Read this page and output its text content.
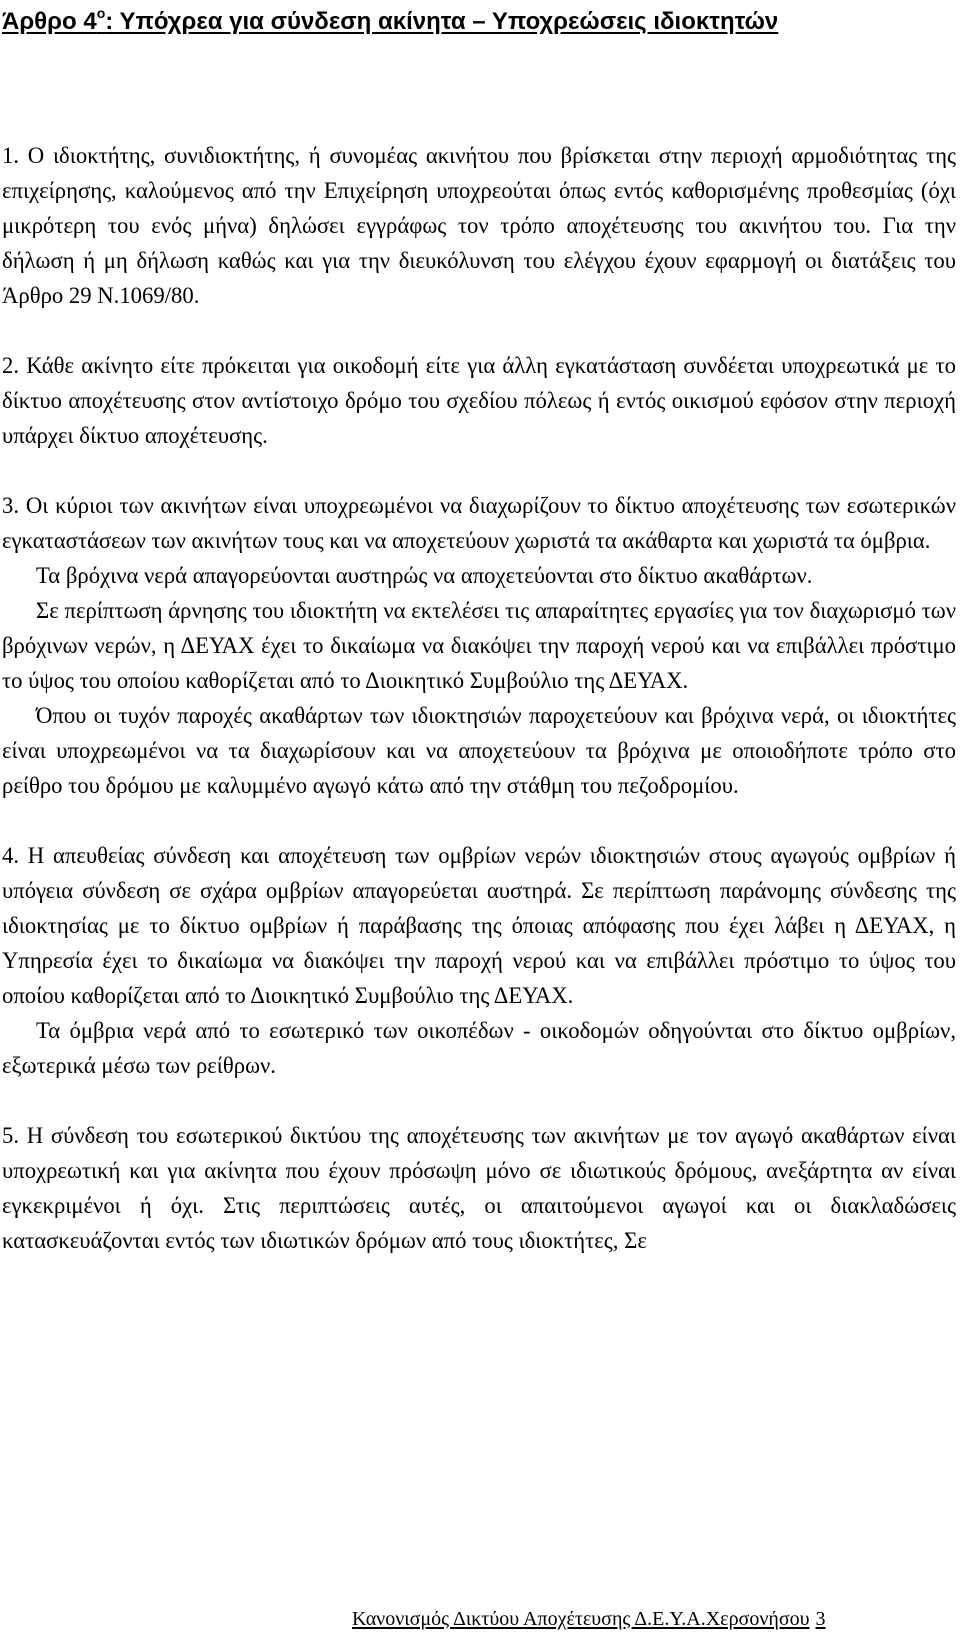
Άρθρο $4^o$: Υπόχρεα για σύνδεση ακίνητα – Υποχρεώσεις ιδιοκτητών

1. Ο ιδιοκτήτης, συνιδιοκτήτης, ή συνομέας ακινήτου που βρίσκεται στην περιοχή αρμοδιότητας της επιχείρησης, καλούμενος από την Επιχείρηση υποχρεούται όπως εντός καθορισμένης προθεσμίας (όχι μικρότερη του ενός μήνα) δηλώσει εγγράφως τον τρόπο αποχέτευσης του ακινήτου του. Για την δήλωση ή μη δήλωση καθώς και για την διευκόλυνση του ελέγχου έχουν εφαρμογή οι διατάξεις του Άρθρο 29 Ν.1069/80.

2. Κάθε ακίνητο είτε πρόκειται για οικοδομή είτε για άλλη εγκατάσταση συνδέεται υποχρεωτικά με το δίκτυο αποχέτευσης στον αντίστοιχο δρόμο του σχεδίου πόλεως ή εντός οικισμού εφόσον στην περιοχή υπάρχει δίκτυο αποχέτευσης.

3. Οι κύριοι των ακινήτων είναι υποχρεωμένοι να διαχωρίζουν το δίκτυο αποχέτευσης των εσωτερικών εγκαταστάσεων των ακινήτων τους και να αποχετεύουν χωριστά τα ακάθαρτα και χωριστά τα όμβρια.

Τα βρόχινα νερά απαγορεύονται αυστηρώς να αποχετεύονται στο δίκτυο ακαθάρτων.

Σε περίπτωση άρνησης του ιδιοκτήτη να εκτελέσει τις απαραίτητες εργασίες για τον διαχωρισμό των βρόχινων νερών, η ΔΕΥΑΧ έχει το δικαίωμα να διακόψει την παροχή νερού και να επιβάλλει πρόστιμο το ύψος του οποίου καθορίζεται από το Διοικητικό Συμβούλιο της ΔΕΥΑΧ.

Όπου οι τυχόν παροχές ακαθάρτων των ιδιοκτησιών παροχετεύουν και βρόχινα νερά, οι ιδιοκτήτες είναι υποχρεωμένοι να τα διαχωρίσουν και να αποχετεύουν τα βρόχινα με οποιοδήποτε τρόπο στο ρείθρο του δρόμου με καλυμμένο αγωγό κάτω από την στάθμη του πεζοδρομίου.

4. Η απευθείας σύνδεση και αποχέτευση των ομβρίων νερών ιδιοκτησιών στους αγωγούς ομβρίων ή υπόγεια σύνδεση σε σχάρα ομβρίων απαγορεύεται αυστηρά. Σε περίπτωση παράνομης σύνδεσης της ιδιοκτησίας με το δίκτυο ομβρίων ή παράβασης της όποιας απόφασης που έχει λάβει η ΔΕΥΑΧ, η Υπηρεσία έχει το δικαίωμα να διακόψει την παροχή νερού και να επιβάλλει πρόστιμο το ύψος του οποίου καθορίζεται από το Διοικητικό Συμβούλιο της ΔΕΥΑΧ.

Τα όμβρια νερά από το εσωτερικό των οικοπέδων - οικοδομών οδηγούνται στο δίκτυο ομβρίων, εξωτερικά μέσω των ρείθρων.

5. Η σύνδεση του εσωτερικού δικτύου της αποχέτευσης των ακινήτων με τον αγωγό ακαθάρτων είναι υποχρεωτική και για ακίνητα που έχουν πρόσωψη μόνο σε ιδιωτικούς δρόμους, ανεξάρτητα αν είναι εγκεκριμένοι ή όχι. Στις περιπτώσεις αυτές, οι απαιτούμενοι αγωγοί και οι διακλαδώσεις κατασκευάζονται εντός των ιδιωτικών δρόμων από τους ιδιοκτήτες, Σε

Κανονισμός Δικτύου Αποχέτευσης Δ.Ε.Υ.Α.Χερσονήσου 3
